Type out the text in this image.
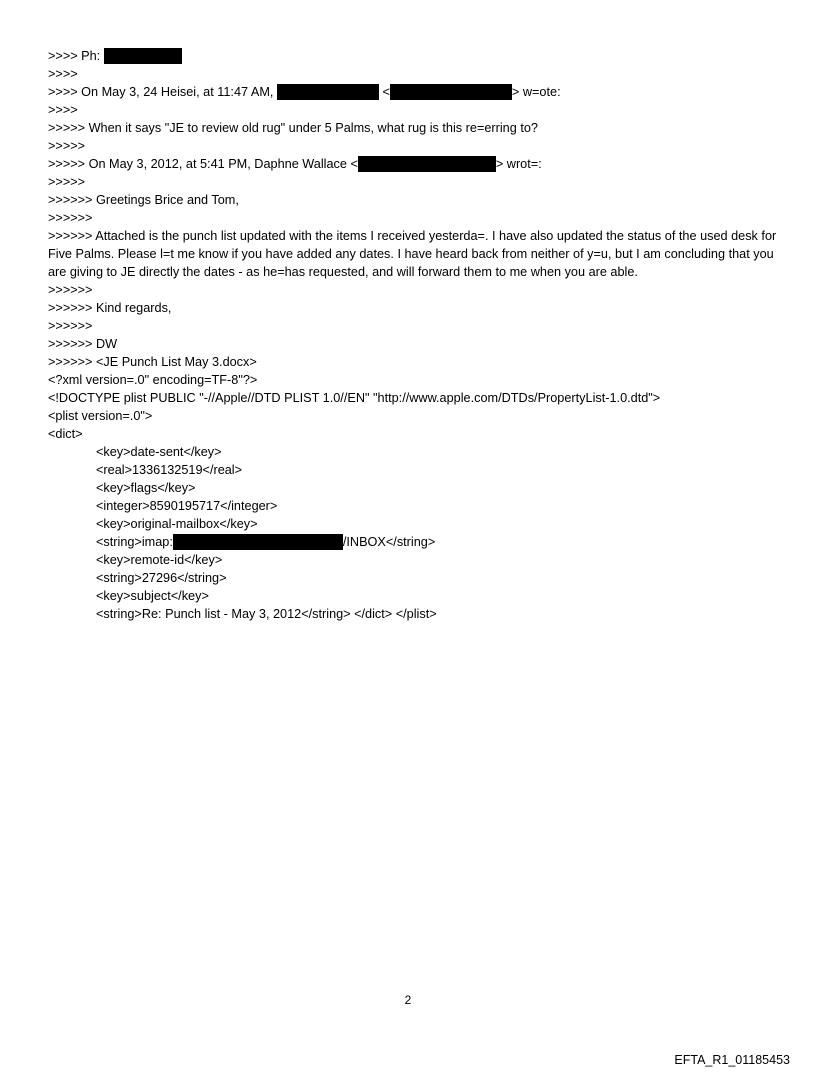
>>>> Ph:
>>>>
>>>> On May 3, 24 Heisei, at 11:47 AM,	<	> w=ote:
>>>>
>>>>> When it says "JE to review old rug" under 5 Palms, what rug is this re=erring to?
>>>>>
>>>>> On May 3, 2012, at 5:41 PM, Daphne Wallace <	> wrot=:
>>>>>
>>>>>> Greetings Brice and Tom,
>>>>>>
>>>>>> Attached is the punch list updated with the items I received yesterda=. I have also updated the status of the used desk for Five Palms. Please l=t me know if you have added any dates. I have heard back from neither of y=u, but I am concluding that you are giving to JE directly the dates - as he=has requested, and will forward them to me when you are able.
>>>>>>
>>>>>> Kind regards,
>>>>>>
>>>>>> DW
>>>>>> <JE Punch List May 3.docx>
<?xml version=.0" encoding=TF-8"?>
<!DOCTYPE plist PUBLIC "-//Apple//DTD PLIST 1.0//EN" "http://www.apple.com/DTDs/PropertyList-1.0.dtd">
<plist version=.0">
<dict>
<key>date-sent</key>
<real>1336132519</real>
<key>flags</key>
<integer>8590195717</integer>
<key>original-mailbox</key>
<string>imap:	/INBOX</string>
<key>remote-id</key>
<string>27296</string>
<key>subject</key>
<string>Re: Punch list - May 3, 2012</string> </dict> </plist>
2
EFTA_R1_01185453
